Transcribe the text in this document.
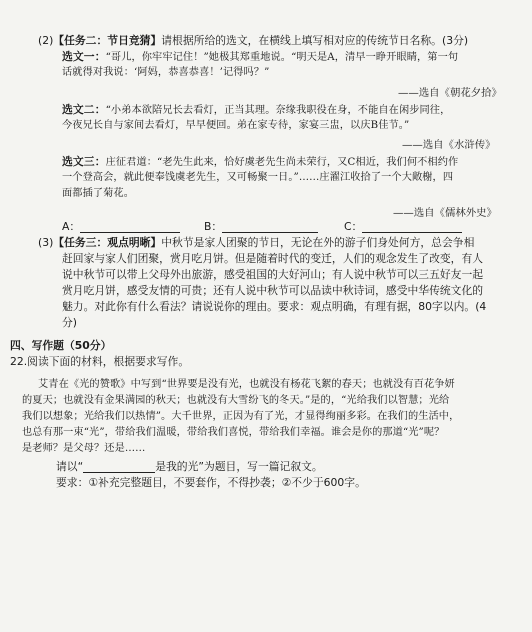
(2)【任务二：节日竞猜】请根据所给的选文，在横线上填写相对应的传统节日名称。(3分)
选文一：“哥儿，你牢牢记住！”她极其郑重地说。“明天是A，清早一睁开眼睛，第一句
话就得对我说：‘阿妈，恭喜恭喜！’记得吗？”
——选自《朝花夕拾》
选文二：“小弟本欲陪兄长去看灯，正当其理。奈缘我职役在身，不能自在闲步同往，
今夜兄长自与家间去看灯，早早便回。弟在家专待，家宴三盅，以庆B佳节。”
——选自《水浒传》
选文三：庄征君道：“老先生此来，恰好虞老先生尚未荣行，又C相近，我们何不相约作
一个登高会，就此便奉饯虞老先生，又可畅聚一日。”……庄濯江收拾了一个大敞榭，四
面都插了菊花。
——选自《儒林外史》
A：	B：	C：
(3)【任务三：观点明晰】中秋节是家人团聚的节日，无论在外的游子们身处何方，总会争相
赶回家与家人们团聚，赏月吃月饼。但是随着时代的变迁，人们的观念发生了改变，有人
说中秋节可以带上父母外出旅游，感受祖国的大好河山；有人说中秋节可以三五好友一起
赏月吃月饼，感受友情的可贵；还有人说中秋节可以品读中秋诗词，感受中华传统文化的
魅力。对此你有什么看法？请说说你的理由。要求：观点明确，有理有据，80字以内。(4
分)
四、写作题（50分）
22.阅读下面的材料，根据要求写作。
艾青在《光的赞歌》中写到“世界要是没有光，也就没有杨花飞絮的春天；也就没有百花争妍
的夏天；也就没有金果满园的秋天；也就没有大雪纷飞的冬天。”是的，“光给我们以智慧；光给
我们以想象；光给我们以热情”。大千世界，正因为有了光，才显得绚丽多彩。在我们的生活中，
也总有那一束“光”，带给我们温暖，带给我们喜悦，带给我们幸福。谁会是你的那道“光”呢？
是老师？是父母？还是……
请以“	是我的光”为题目，写一篇记叙文。
要求：①补充完整题目，不要套作，不得抄袭；②不少于600字。
